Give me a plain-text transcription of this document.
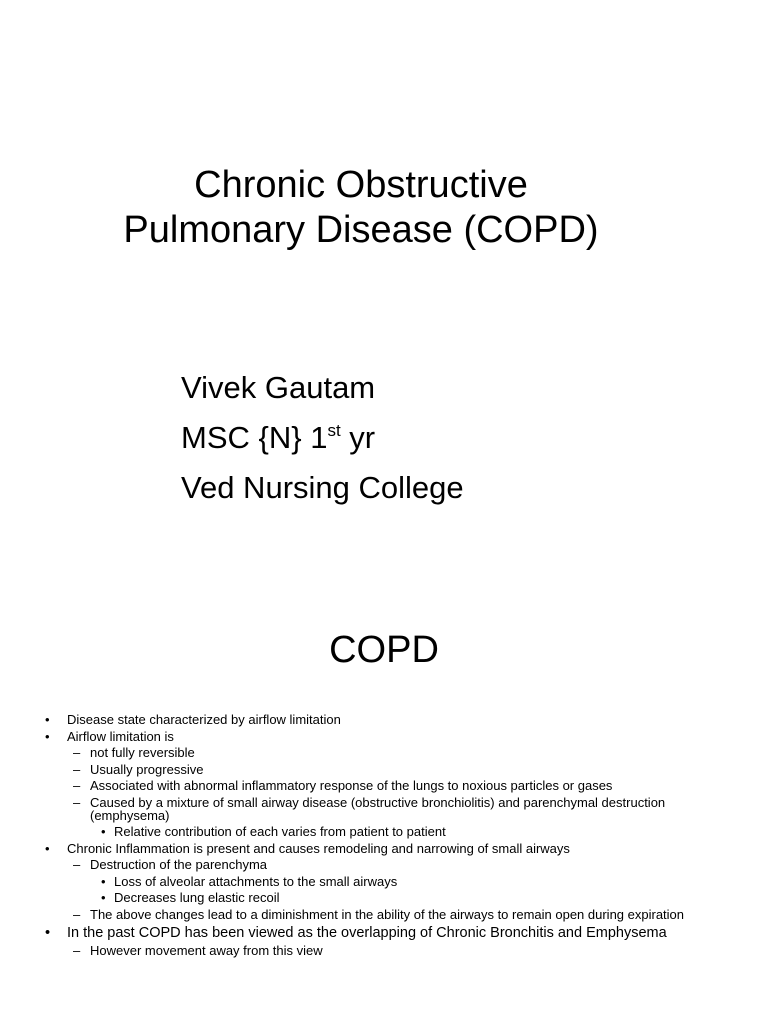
Chronic Obstructive
Pulmonary Disease (COPD)
Vivek Gautam
MSC {N} 1st yr
Ved Nursing College
COPD
• Disease state characterized by airflow limitation
• Airflow limitation is
– not fully reversible
– Usually progressive
– Associated with abnormal inflammatory response of the lungs to noxious particles or gases
– Caused by a mixture of small airway disease (obstructive bronchiolitis) and parenchymal destruction (emphysema)
• Relative contribution of each varies from patient to patient
• Chronic Inflammation is present and causes remodeling and narrowing of small airways
– Destruction of the parenchyma
• Loss of alveolar attachments to the small airways
• Decreases lung elastic recoil
– The above changes lead to a diminishment in the ability of the airways to remain open during expiration
• In the past COPD has been viewed as the overlapping of Chronic Bronchitis and Emphysema
– However movement away from this view
